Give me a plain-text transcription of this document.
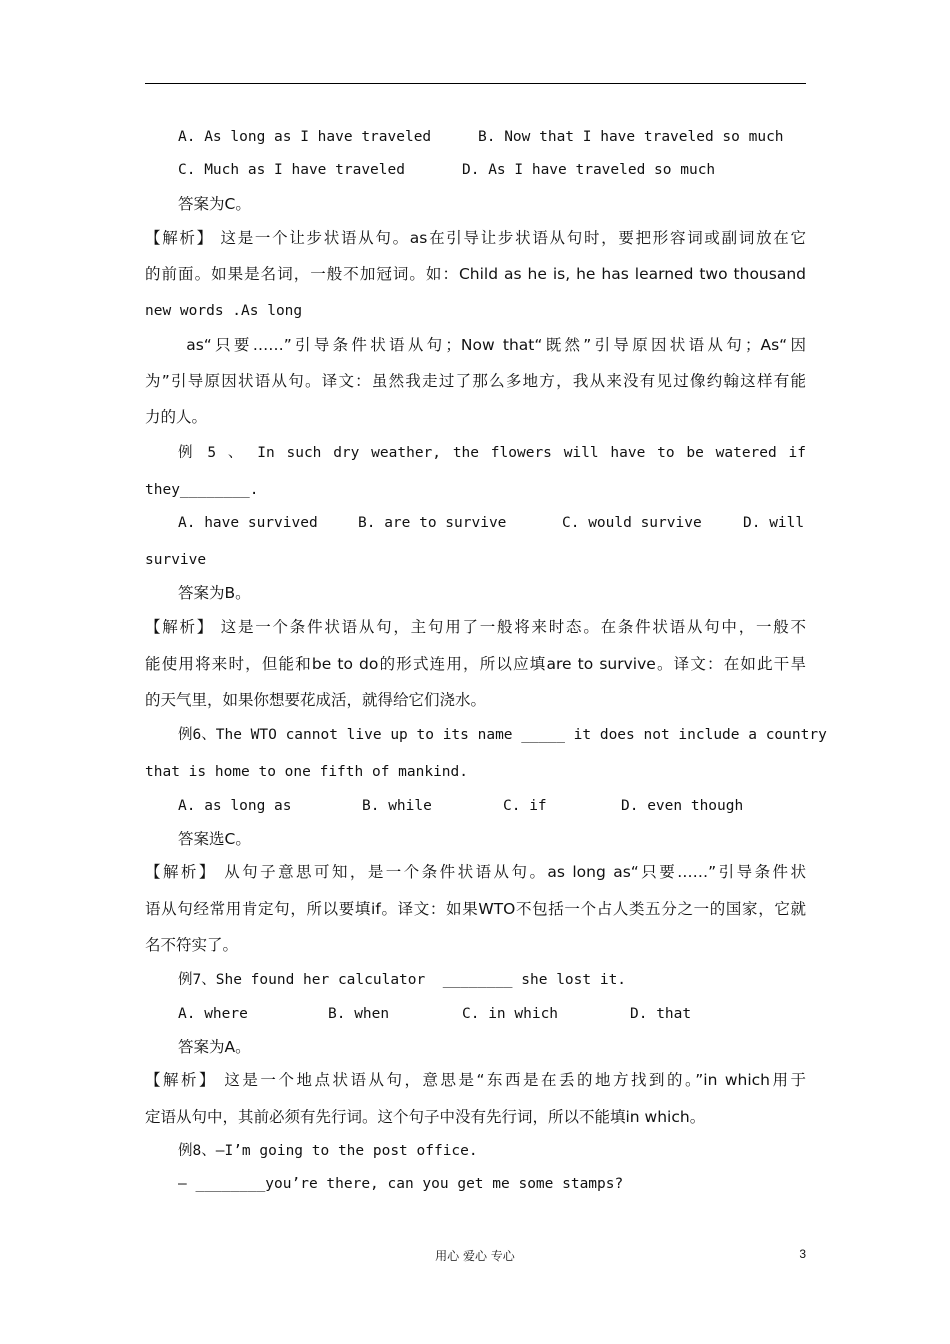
A. As long as I have traveled	B. Now that I have traveled so much
C. Much as I have traveled	D. As I have traveled so much
答案为C。
【解析】 这是一个让步状语从句。as在引导让步状语从句时，要把形容词或副词放在它
的前面。如果是名词，一般不加冠词。如：Child as he is, he has learned two thousand
new words .As long
as“只要……”引导条件状语从句；Now that“既然”引导原因状语从句；As“因
为”引导原因状语从句。译文：虽然我走过了那么多地方，我从来没有见过像约翰这样有能
力的人。
例 5 、 In such dry weather, the flowers will have to be watered if
they________.
A. have survived	B. are to survive	C. would survive	D. will
survive
答案为B。
【解析】 这是一个条件状语从句，主句用了一般将来时态。在条件状语从句中，一般不
能使用将来时，但能和be to do的形式连用，所以应填are to survive。译文：在如此干旱
的天气里，如果你想要花成活，就得给它们浇水。
例6、The WTO cannot live up to its name _____ it does not include a country
that is home to one fifth of mankind.
A. as long as	B. while	C. if	D. even though
答案选C。
【解析】 从句子意思可知，是一个条件状语从句。as long as“只要……”引导条件状
语从句经常用肯定句，所以要填if。译文：如果WTO不包括一个占人类五分之一的国家，它就
名不符实了。
例7、She found her calculator  ________ she lost it.
A. where	B. when	C. in which	D. that
答案为A。
【解析】 这是一个地点状语从句，意思是“东西是在丢的地方找到的。”in which用于
定语从句中，其前必须有先行词。这个句子中没有先行词，所以不能填in which。
例8、—I’m going to the post office.
— ________you’re there, can you get me some stamps?
用心 爱心 专心	3
